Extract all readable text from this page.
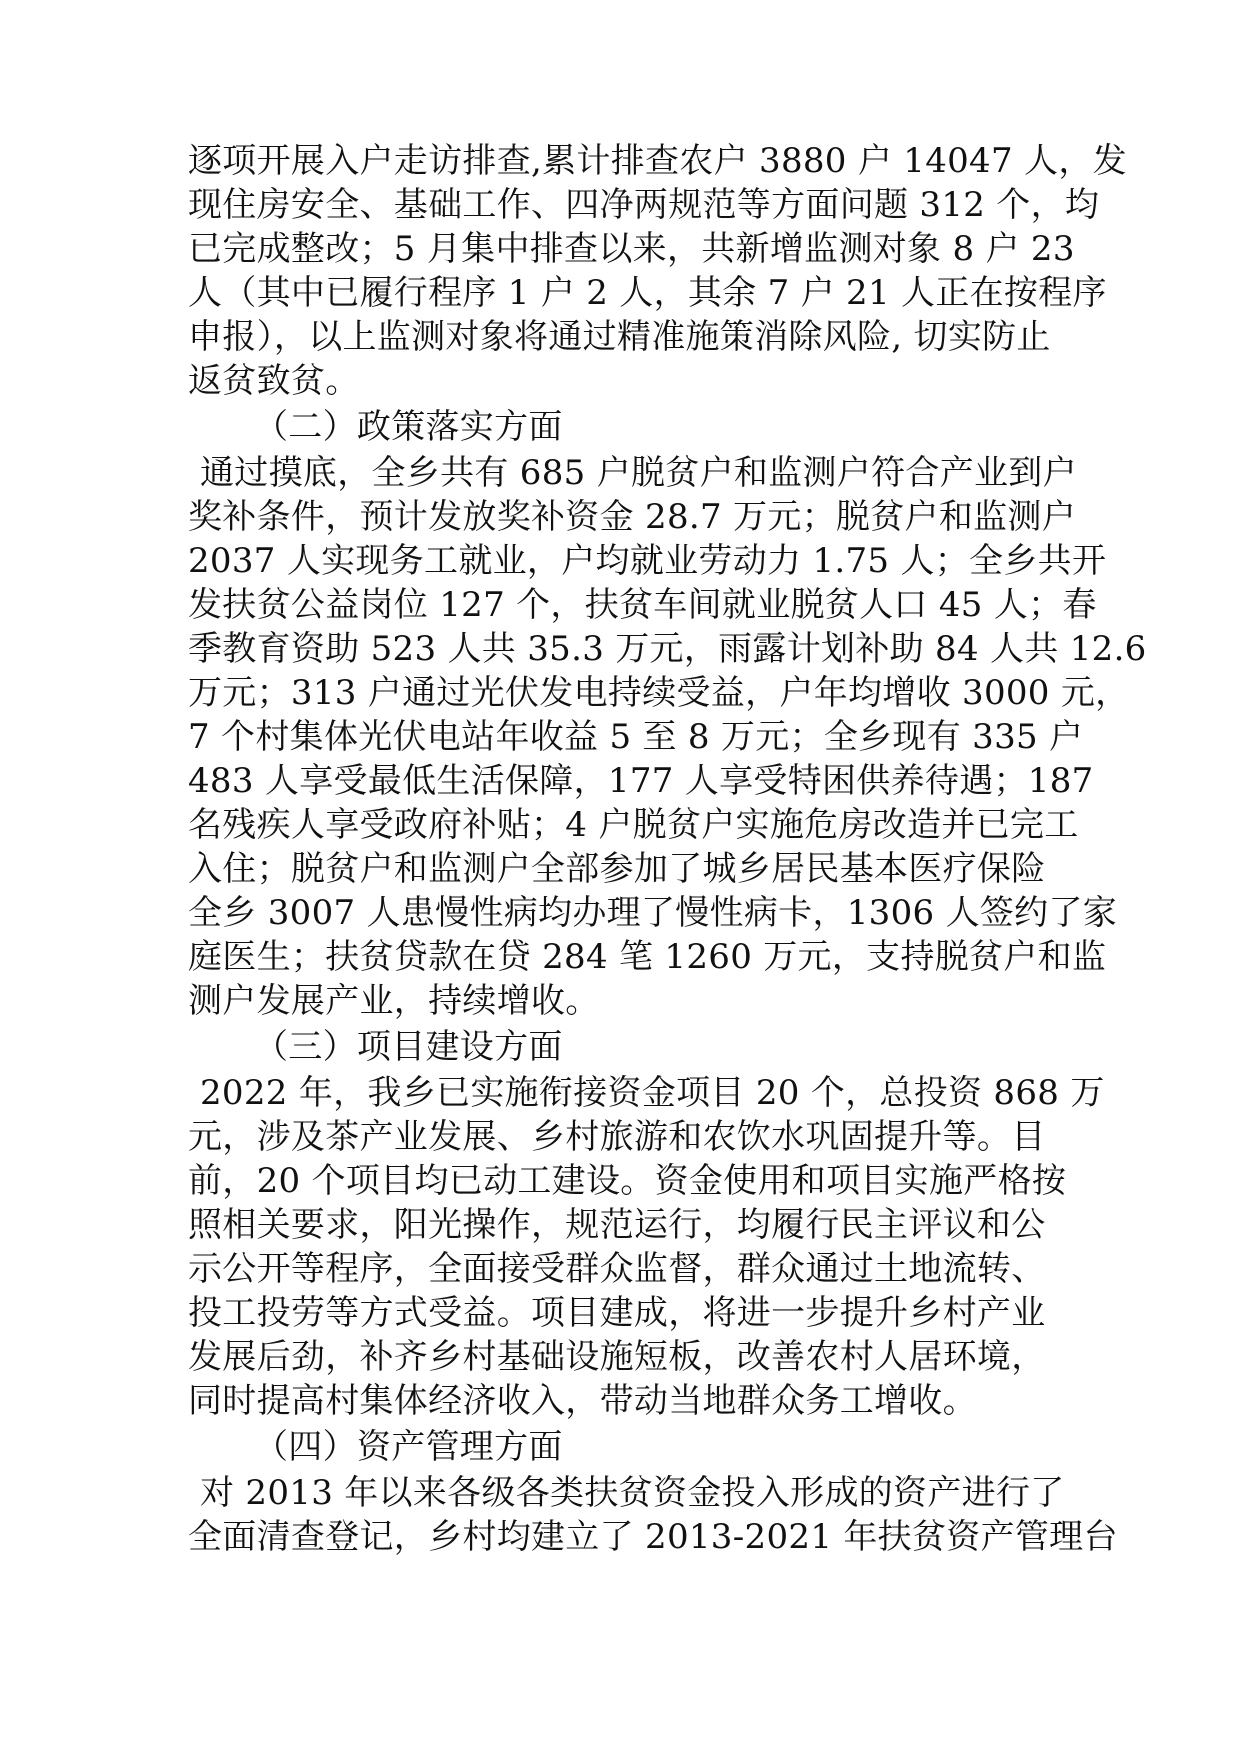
逐项开展入户走访排查,累计排查农户 3880 户 14047 人，发
现住房安全、基础工作、四净两规范等方面问题 312 个，均
已完成整改；5 月集中排查以来，共新增监测对象 8 户 23
人（其中已履行程序 1 户 2 人，其余 7 户 21 人正在按程序
申报），以上监测对象将通过精准施策消除风险, 切实防止
返贫致贫。
（二）政策落实方面
通过摸底，全乡共有 685 户脱贫户和监测户符合产业到户
奖补条件，预计发放奖补资金 28.7 万元；脱贫户和监测户
2037 人实现务工就业，户均就业劳动力 1.75 人；全乡共开
发扶贫公益岗位 127 个，扶贫车间就业脱贫人口 45 人；春
季教育资助 523 人共 35.3 万元，雨露计划补助 84 人共 12.6
万元；313 户通过光伏发电持续受益，户年均增收 3000 元，
7 个村集体光伏电站年收益 5 至 8 万元；全乡现有 335 户
483 人享受最低生活保障，177 人享受特困供养待遇；187
名残疾人享受政府补贴；4 户脱贫户实施危房改造并已完工
入住；脱贫户和监测户全部参加了城乡居民基本医疗保险
全乡 3007 人患慢性病均办理了慢性病卡，1306 人签约了家
庭医生；扶贫贷款在贷 284 笔 1260 万元，支持脱贫户和监
测户发展产业，持续增收。
（三）项目建设方面
2022 年，我乡已实施衔接资金项目 20 个，总投资 868 万
元，涉及茶产业发展、乡村旅游和农饮水巩固提升等。目
前，20 个项目均已动工建设。资金使用和项目实施严格按
照相关要求，阳光操作，规范运行，均履行民主评议和公
示公开等程序，全面接受群众监督，群众通过土地流转、
投工投劳等方式受益。项目建成，将进一步提升乡村产业
发展后劲，补齐乡村基础设施短板，改善农村人居环境，
同时提高村集体经济收入，带动当地群众务工增收。
（四）资产管理方面
对 2013 年以来各级各类扶贫资金投入形成的资产进行了
全面清查登记，乡村均建立了 2013-2021 年扶贫资产管理台
